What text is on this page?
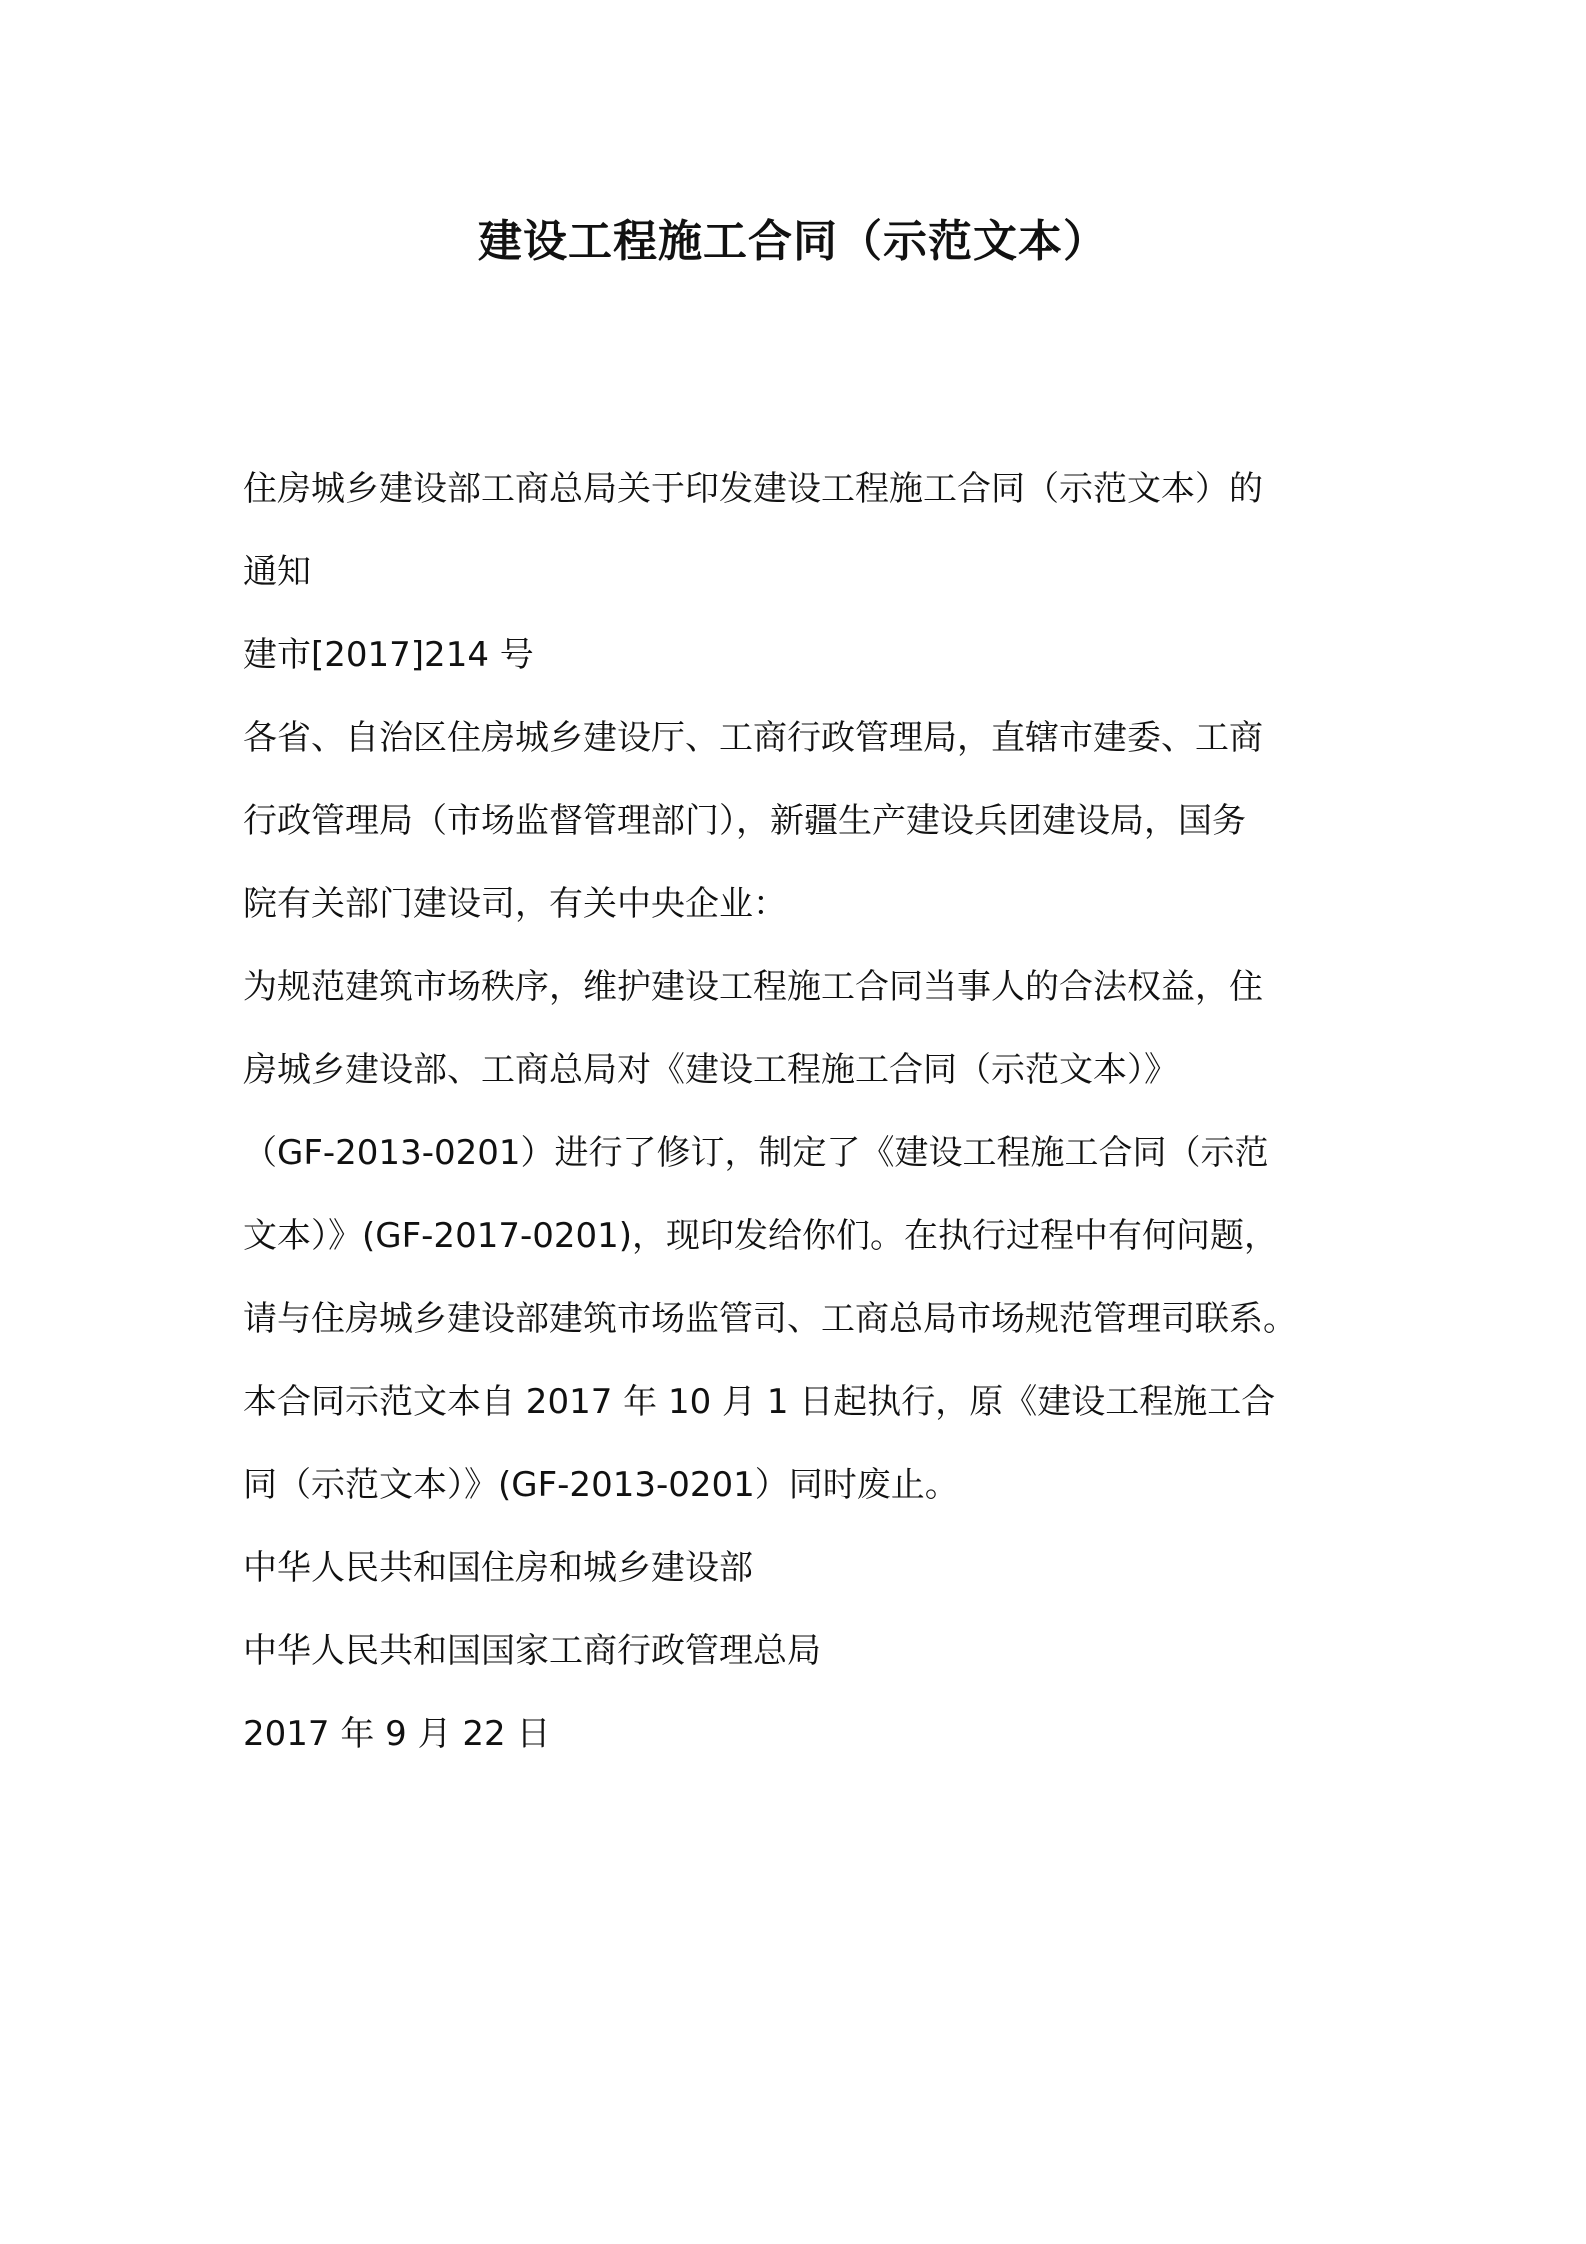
建设工程施工合同（示范文本）
住房城乡建设部工商总局关于印发建设工程施工合同（示范文本）的
通知
建市[2017]214 号
各省、自治区住房城乡建设厅、工商行政管理局，直辖市建委、工商
行政管理局（市场监督管理部门），新疆生产建设兵团建设局，国务
院有关部门建设司，有关中央企业：
为规范建筑市场秩序，维护建设工程施工合同当事人的合法权益，住
房城乡建设部、工商总局对《建设工程施工合同（示范文本）》
（GF-2013-0201）进行了修订，制定了《建设工程施工合同（示范
文本）》(GF-2017-0201)，现印发给你们。在执行过程中有何问题，
请与住房城乡建设部建筑市场监管司、工商总局市场规范管理司联系。
本合同示范文本自 2017 年 10 月 1 日起执行，原《建设工程施工合
同（示范文本）》(GF-2013-0201）同时废止。
中华人民共和国住房和城乡建设部
中华人民共和国国家工商行政管理总局
2017 年 9 月 22 日
